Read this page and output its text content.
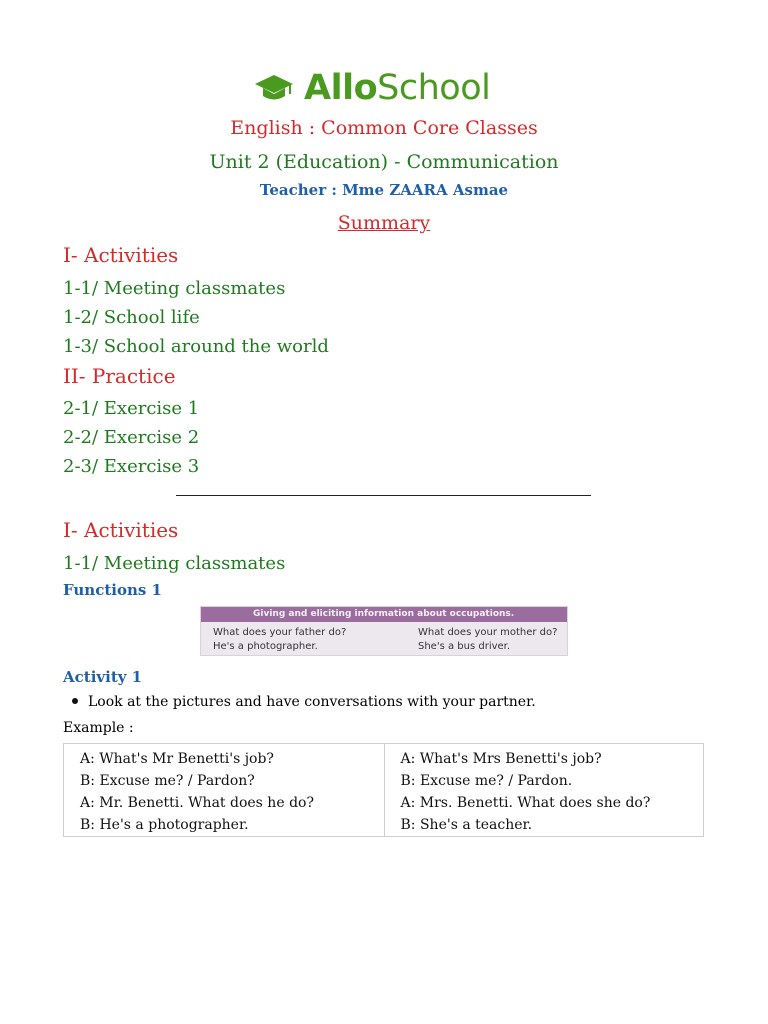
Allo School
English : Common Core Classes
Unit 2 (Education) - Communication
Teacher : Mme ZAARA Asmae
Summary
I- Activities
1-1/ Meeting classmates
1-2/ School life
1-3/ School around the world
II- Practice
2-1/ Exercise 1
2-2/ Exercise 2
2-3/ Exercise 3
I- Activities
1-1/ Meeting classmates
Functions 1
Giving and eliciting information about occupations.
What does your father do?	What does your mother do?
He's a photographer.	She's a bus driver.
Activity 1
Look at the pictures and have conversations with your partner.
Example :
A: What's Mr Benetti's job?
B: Excuse me? / Pardon?
A: Mr. Benetti. What does he do?
B: He's a photographer.
A: What's Mrs Benetti's job?
B: Excuse me? / Pardon.
A: Mrs. Benetti. What does she do?
B: She's a teacher.
